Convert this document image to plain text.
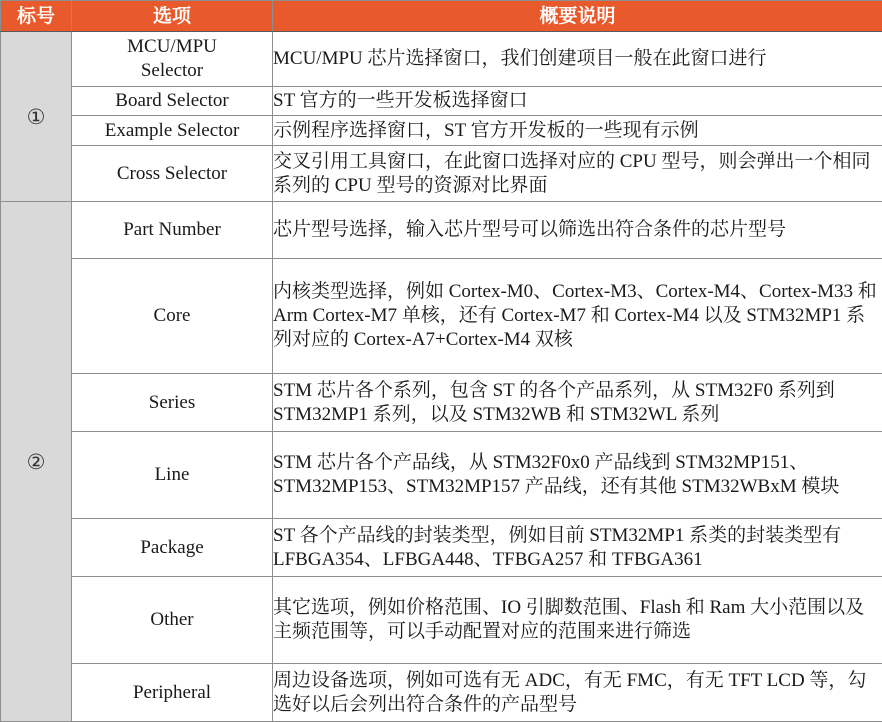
标号	选项	概要说明
①	MCU/MPU Selector	MCU/MPU 芯片选择窗口，我们创建项目一般在此窗口进行
	Board Selector	ST 官方的一些开发板选择窗口
	Example Selector	示例程序选择窗口，ST 官方开发板的一些现有示例
	Cross Selector	交叉引用工具窗口，在此窗口选择对应的 CPU 型号，则会弹出一个相同系列的 CPU 型号的资源对比界面
②	Part Number	芯片型号选择，输入芯片型号可以筛选出符合条件的芯片型号
	Core	内核类型选择，例如 Cortex-M0、Cortex-M3、Cortex-M4、Cortex-M33 和 Arm Cortex-M7 单核，还有 Cortex-M7 和 Cortex-M4 以及 STM32MP1 系列对应的 Cortex-A7+Cortex-M4 双核
	Series	STM 芯片各个系列，包含 ST 的各个产品系列，从 STM32F0 系列到 STM32MP1 系列，以及 STM32WB 和 STM32WL 系列
	Line	STM 芯片各个产品线，从 STM32F0x0 产品线到 STM32MP151、STM32MP153、STM32MP157 产品线，还有其他 STM32WBxM 模块
	Package	ST 各个产品线的封装类型，例如目前 STM32MP1 系类的封装类型有 LFBGA354、LFBGA448、TFBGA257 和 TFBGA361
	Other	其它选项，例如价格范围、IO 引脚数范围、Flash 和 Ram 大小范围以及主频范围等，可以手动配置对应的范围来进行筛选
	Peripheral	周边设备选项，例如可选有无 ADC，有无 FMC，有无 TFT LCD 等，勾选好以后会列出符合条件的产品型号
